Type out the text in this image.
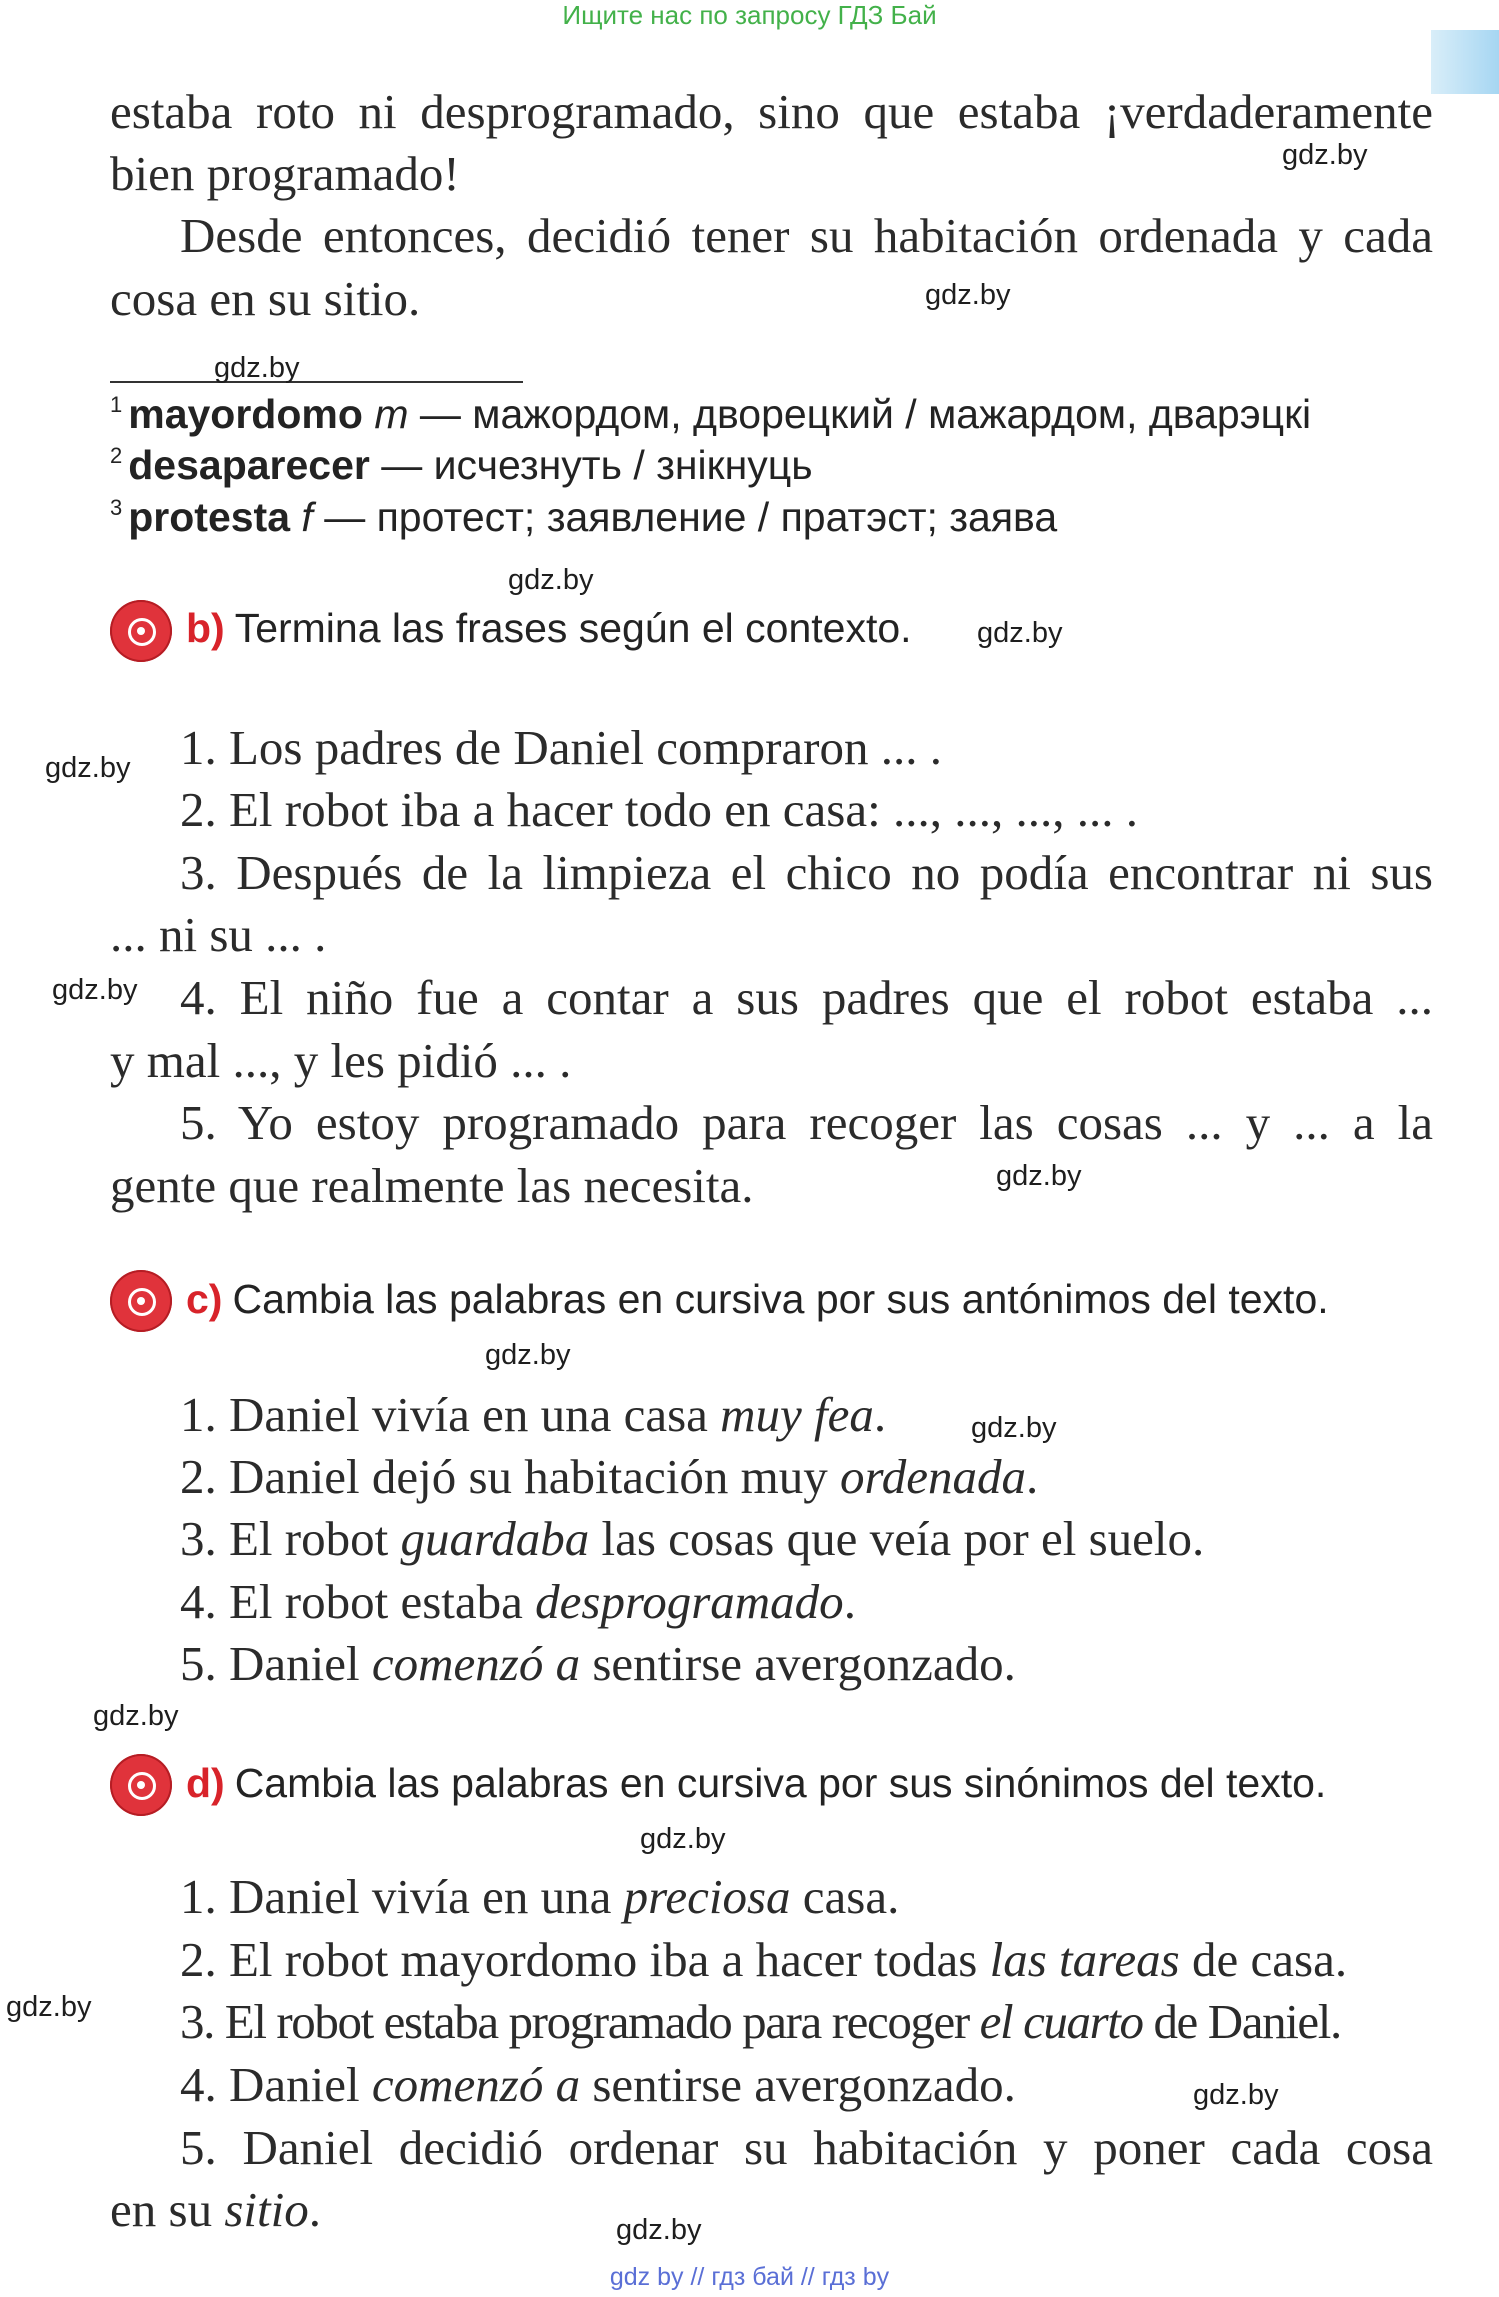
Ищите нас по запросу ГДЗ Бай
gdz by // гдз бай // гдз by
estaba roto ni desprogramado, sino que estaba ¡verdaderamente
bien programado!
Desde entonces, decidió tener su habitación ordenada y cada
cosa en su sitio.
$^1$ mayordomo m — мажордом, дворецкий / мажардом, дварэцкі
$^2$ desaparecer — исчезнуть / знікнуць
$^3$ protesta f — протест; заявление / пратэст; заява
b) Termina las frases según el contexto.
1. Los padres de Daniel compraron ... .
2. El robot iba a hacer todo en casa: ..., ..., ..., ... .
3. Después de la limpieza el chico no podía encontrar ni sus
... ni su ... .
4. El niño fue a contar a sus padres que el robot estaba ...
y mal ..., y les pidió ... .
5. Yo estoy programado para recoger las cosas ... y ... a la
gente que realmente las necesita.
c) Cambia las palabras en cursiva por sus antónimos del texto.
1. Daniel vivía en una casa muy fea.
2. Daniel dejó su habitación muy ordenada.
3. El robot guardaba las cosas que veía por el suelo.
4. El robot estaba desprogramado.
5. Daniel comenzó a sentirse avergonzado.
d) Cambia las palabras en cursiva por sus sinónimos del texto.
1. Daniel vivía en una preciosa casa.
2. El robot mayordomo iba a hacer todas las tareas de casa.
3. El robot estaba programado para recoger el cuarto de Daniel.
4. Daniel comenzó a sentirse avergonzado.
5. Daniel decidió ordenar su habitación y poner cada cosa
en su sitio.
gdz.by
gdz.by
gdz.by
gdz.by
gdz.by
gdz.by
gdz.by
gdz.by
gdz.by
gdz.by
gdz.by
gdz.by
gdz.by
gdz.by
gdz.by
